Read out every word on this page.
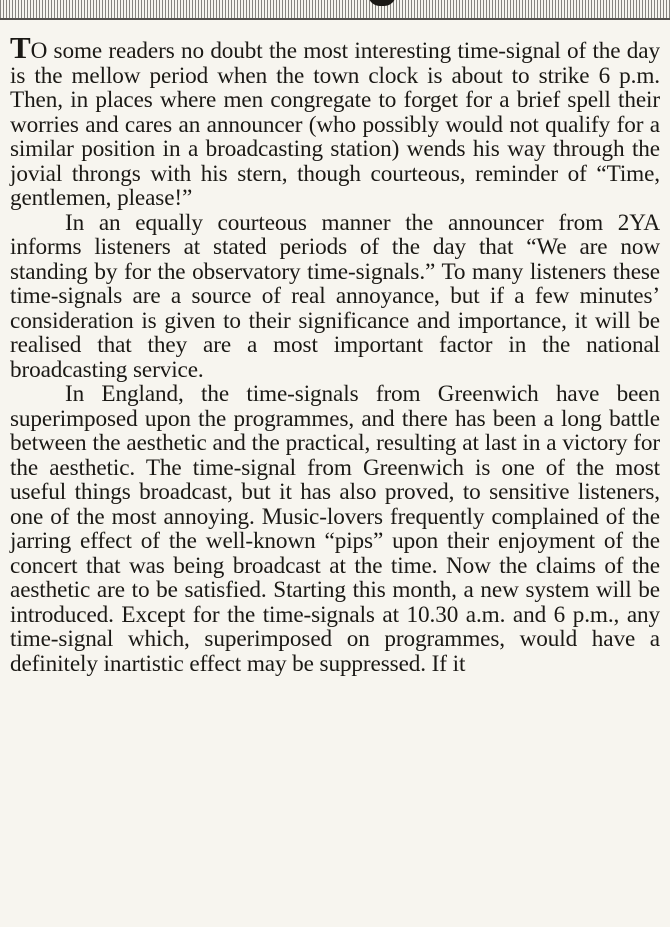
TO some readers no doubt the most interesting time-signal of the day is the mellow period when the town clock is about to strike 6 p.m. Then, in places where men congregate to forget for a brief spell their worries and cares an announcer (who possibly would not qualify for a similar position in a broadcasting station) wends his way through the jovial throngs with his stern, though courteous, reminder of “Time, gentlemen, please!”

In an equally courteous manner the announcer from 2YA informs listeners at stated periods of the day that “We are now standing by for the observatory time-signals.” To many listeners these time-signals are a source of real annoyance, but if a few minutes’ consideration is given to their significance and importance, it will be realised that they are a most important factor in the national broadcasting service.

In England, the time-signals from Greenwich have been superimposed upon the programmes, and there has been a long battle between the aesthetic and the practical, resulting at last in a victory for the aesthetic. The time-signal from Greenwich is one of the most useful things broadcast, but it has also proved, to sensitive listeners, one of the most annoying. Music-lovers frequently complained of the jarring effect of the well-known “pips” upon their enjoyment of the concert that was being broadcast at the time. Now the claims of the aesthetic are to be satisfied. Starting this month, a new system will be introduced. Except for the time-signals at 10.30 a.m. and 6 p.m., any time-signal which, superimposed on programmes, would have a definitely inartistic effect may be suppressed. If it
